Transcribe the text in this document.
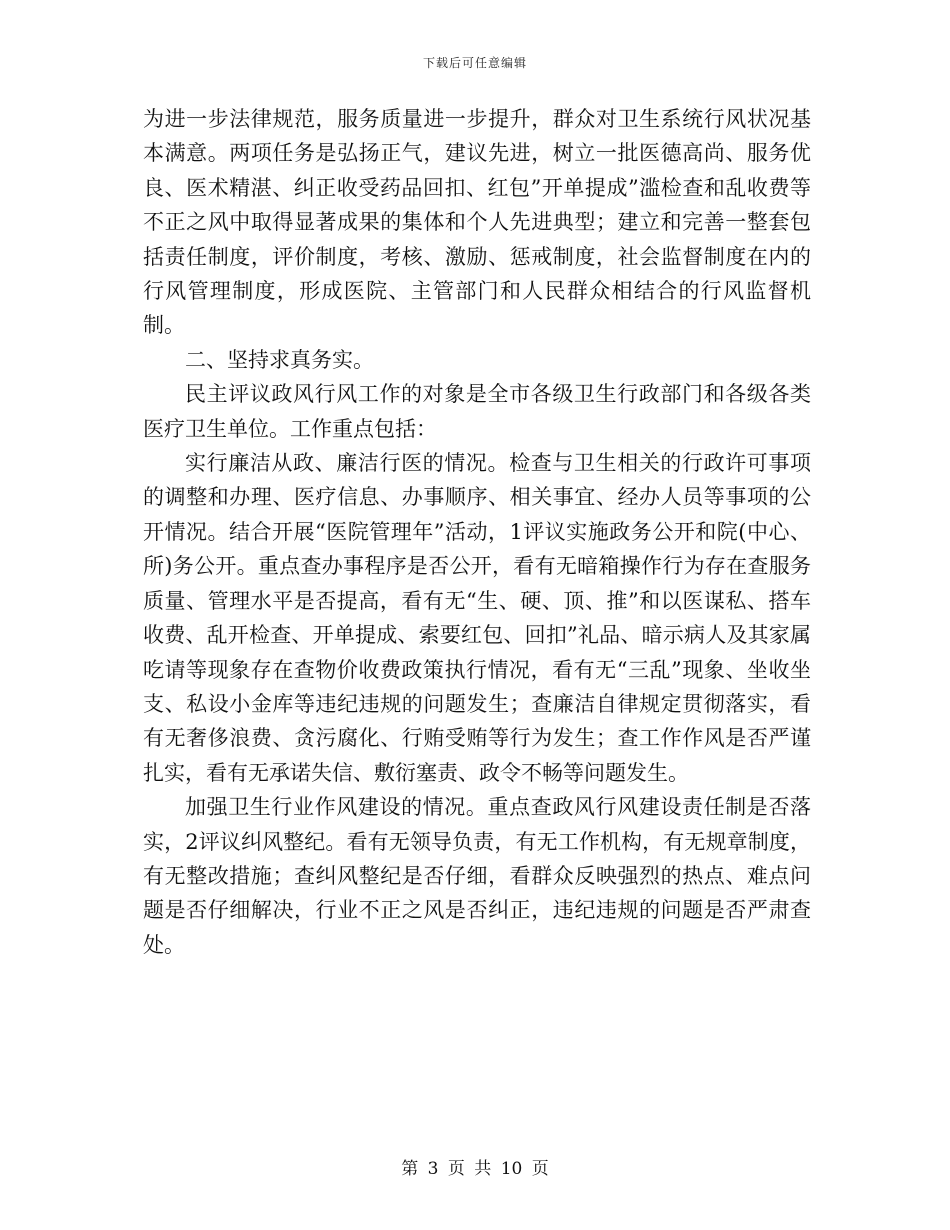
下载后可任意编辑

为进一步法律规范，服务质量进一步提升，群众对卫生系统行风状况基本满意。两项任务是弘扬正气，建议先进，树立一批医德高尚、服务优良、医术精湛、纠正收受药品回扣、红包”开单提成”滥检查和乱收费等不正之风中取得显著成果的集体和个人先进典型；建立和完善一整套包括责任制度，评价制度，考核、激励、惩戒制度，社会监督制度在内的行风管理制度，形成医院、主管部门和人民群众相结合的行风监督机制。

二、坚持求真务实。

民主评议政风行风工作的对象是全市各级卫生行政部门和各级各类医疗卫生单位。工作重点包括：

实行廉洁从政、廉洁行医的情况。检查与卫生相关的行政许可事项的调整和办理、医疗信息、办事顺序、相关事宜、经办人员等事项的公开情况。结合开展“医院管理年”活动，1评议实施政务公开和院(中心、所)务公开。重点查办事程序是否公开，看有无暗箱操作行为存在查服务质量、管理水平是否提高，看有无“生、硬、顶、推”和以医谋私、搭车收费、乱开检查、开单提成、索要红包、回扣”礼品、暗示病人及其家属吃请等现象存在查物价收费政策执行情况，看有无“三乱”现象、坐收坐支、私设小金库等违纪违规的问题发生；查廉洁自律规定贯彻落实，看有无奢侈浪费、贪污腐化、行贿受贿等行为发生；查工作作风是否严谨扎实，看有无承诺失信、敷衍塞责、政令不畅等问题发生。

加强卫生行业作风建设的情况。重点查政风行风建设责任制是否落实，2评议纠风整纪。看有无领导负责，有无工作机构，有无规章制度，有无整改措施；查纠风整纪是否仔细，看群众反映强烈的热点、难点问题是否仔细解决，行业不正之风是否纠正，违纪违规的问题是否严肃查处。

第 3 页 共 10 页
